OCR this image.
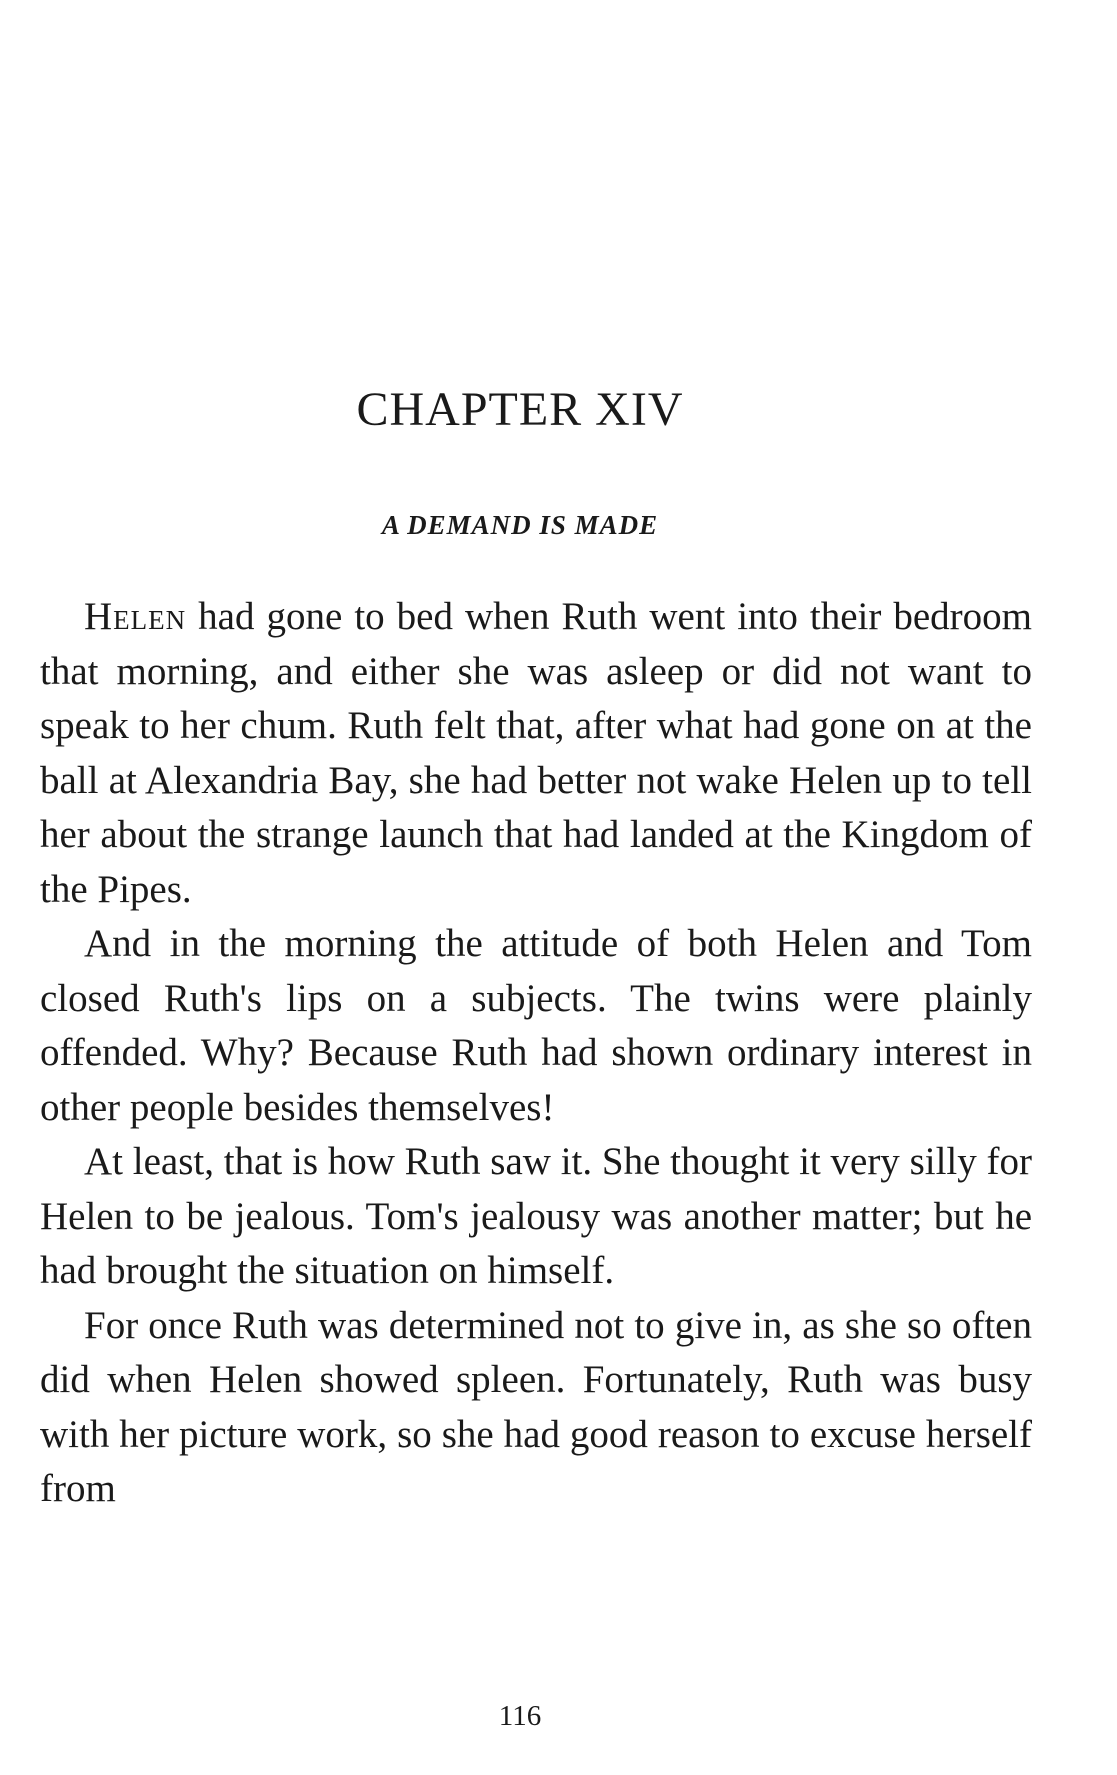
CHAPTER XIV
A DEMAND IS MADE

Helen had gone to bed when Ruth went into their bedroom that morning, and either she was asleep or did not want to speak to her chum. Ruth felt that, after what had gone on at the ball at Alexandria Bay, she had better not wake Helen up to tell her about the strange launch that had landed at the Kingdom of the Pipes.

And in the morning the attitude of both Helen and Tom closed Ruth's lips on a subjects. The twins were plainly offended. Why? Because Ruth had shown ordinary interest in other people besides themselves!

At least, that is how Ruth saw it. She thought it very silly for Helen to be jealous. Tom's jealousy was another matter; but he had brought the situation on himself.

For once Ruth was determined not to give in, as she so often did when Helen showed spleen. Fortunately, Ruth was busy with her picture work, so she had good reason to excuse herself from

116
